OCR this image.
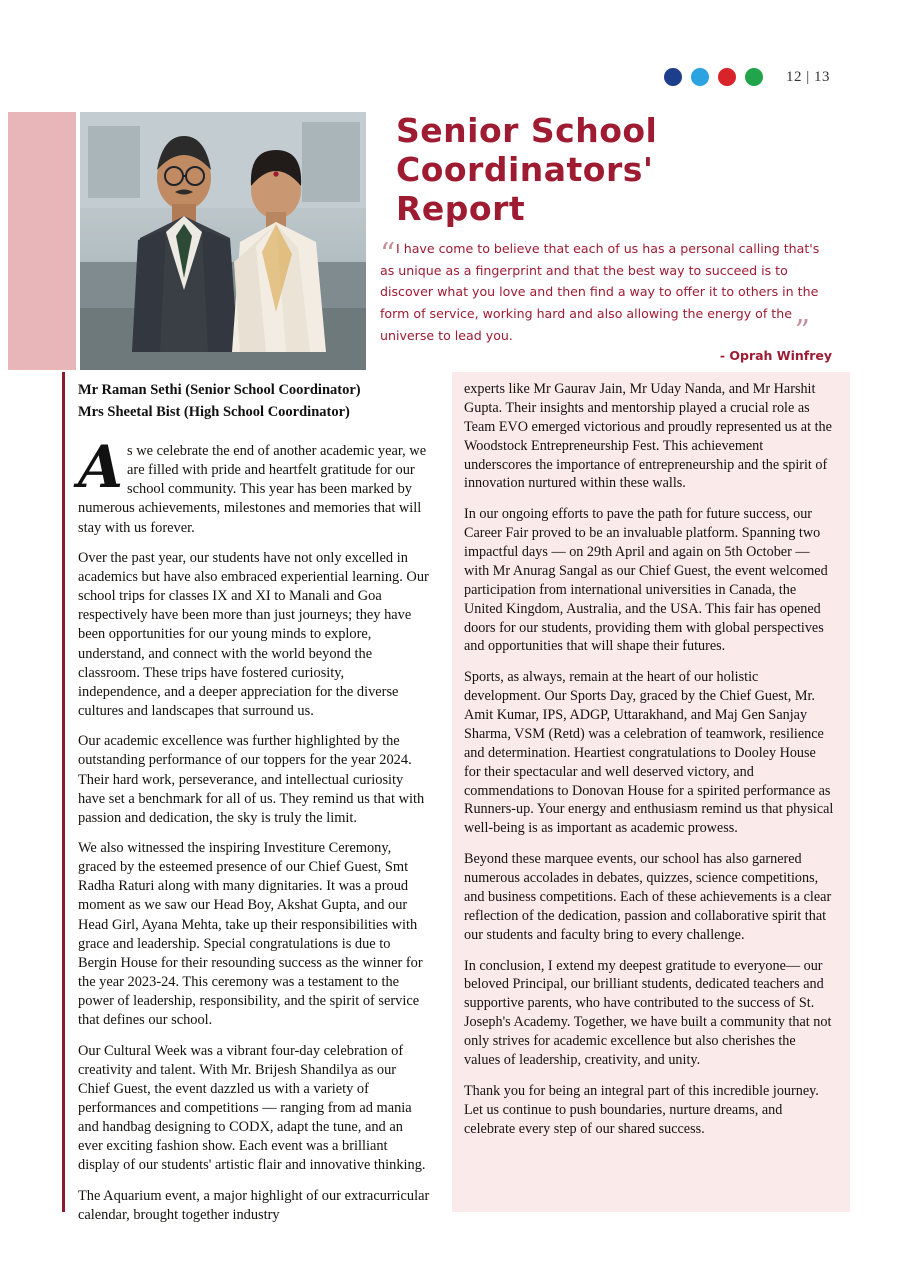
12 | 13
Senior School
Coordinators'
Report
“ I have come to believe that each of us has a personal calling that's as unique as a fingerprint and that the best way to succeed is to discover what you love and then find a way to offer it to others in the form of service, working hard and also allowing the energy of the universe to lead you.	”
- Oprah Winfrey
Mr Raman Sethi (Senior School Coordinator)
Mrs Sheetal Bist (High School Coordinator)

As we celebrate the end of another academic year, we are filled with pride and heartfelt gratitude for our school community. This year has been marked by numerous achievements, milestones and memories that will stay with us forever.

Over the past year, our students have not only excelled in academics but have also embraced experiential learning. Our school trips for classes IX and XI to Manali and Goa respectively have been more than just journeys; they have been opportunities for our young minds to explore, understand, and connect with the world beyond the classroom. These trips have fostered curiosity, independence, and a deeper appreciation for the diverse cultures and landscapes that surround us.

Our academic excellence was further highlighted by the outstanding performance of our toppers for the year 2024. Their hard work, perseverance, and intellectual curiosity have set a benchmark for all of us. They remind us that with passion and dedication, the sky is truly the limit.

We also witnessed the inspiring Investiture Ceremony, graced by the esteemed presence of our Chief Guest, Smt Radha Raturi along with many dignitaries. It was a proud moment as we saw our Head Boy, Akshat Gupta, and our Head Girl, Ayana Mehta, take up their responsibilities with grace and leadership. Special congratulations is due to Bergin House for their resounding success as the winner for the year 2023-24. This ceremony was a testament to the power of leadership, responsibility, and the spirit of service that defines our school.

Our Cultural Week was a vibrant four-day celebration of creativity and talent. With Mr. Brijesh Shandilya as our Chief Guest, the event dazzled us with a variety of performances and competitions — ranging from ad mania and handbag designing to CODX, adapt the tune, and an ever exciting fashion show. Each event was a brilliant display of our students' artistic flair and innovative thinking.

The Aquarium event, a major highlight of our extracurricular calendar, brought together industry

experts like Mr Gaurav Jain, Mr Uday Nanda, and Mr Harshit Gupta. Their insights and mentorship played a crucial role as Team EVO emerged victorious and proudly represented us at the Woodstock Entrepreneurship Fest. This achievement underscores the importance of entrepreneurship and the spirit of innovation nurtured within these walls.

In our ongoing efforts to pave the path for future success, our Career Fair proved to be an invaluable platform. Spanning two impactful days — on 29th April and again on 5th October — with Mr Anurag Sangal as our Chief Guest, the event welcomed participation from international universities in Canada, the United Kingdom, Australia, and the USA. This fair has opened doors for our students, providing them with global perspectives and opportunities that will shape their futures.

Sports, as always, remain at the heart of our holistic development. Our Sports Day, graced by the Chief Guest, Mr. Amit Kumar, IPS, ADGP, Uttarakhand, and Maj Gen Sanjay Sharma, VSM (Retd) was a celebration of teamwork, resilience and determination. Heartiest congratulations to Dooley House for their spectacular and well deserved victory, and commendations to Donovan House for a spirited performance as Runners-up. Your energy and enthusiasm remind us that physical well-being is as important as academic prowess.

Beyond these marquee events, our school has also garnered numerous accolades in debates, quizzes, science competitions, and business competitions. Each of these achievements is a clear reflection of the dedication, passion and collaborative spirit that our students and faculty bring to every challenge.

In conclusion, I extend my deepest gratitude to everyone— our beloved Principal, our brilliant students, dedicated teachers and supportive parents, who have contributed to the success of St. Joseph's Academy. Together, we have built a community that not only strives for academic excellence but also cherishes the values of leadership, creativity, and unity.

Thank you for being an integral part of this incredible journey. Let us continue to push boundaries, nurture dreams, and celebrate every step of our shared success.
